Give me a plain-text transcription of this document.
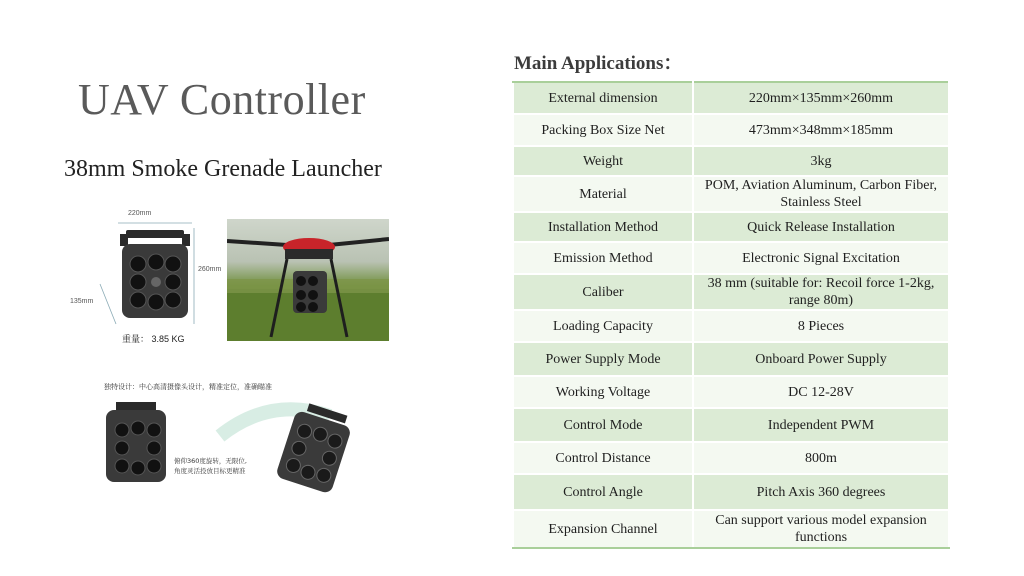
UAV Controller
38mm Smoke Grenade Launcher
220mm
260mm
135mm
重量： 3.85 KG
独特设计：中心高清摄像头设计，精准定位，准确瞄准
俯仰360度旋转，无限位,
角度灵活投放目标更精准
Main Applications：
External dimension	220mm×135mm×260mm
Packing Box Size Net	473mm×348mm×185mm
Weight	3kg
Material	POM, Aviation Aluminum, Carbon Fiber, Stainless Steel
Installation Method	Quick Release Installation
Emission Method	Electronic Signal Excitation
Caliber	38 mm (suitable for: Recoil force 1-2kg, range 80m)
Loading Capacity	8 Pieces
Power Supply Mode	Onboard Power Supply
Working Voltage	DC 12-28V
Control Mode	Independent PWM
Control Distance	800m
Control Angle	Pitch Axis 360 degrees
Expansion Channel	Can support various model expansion functions
